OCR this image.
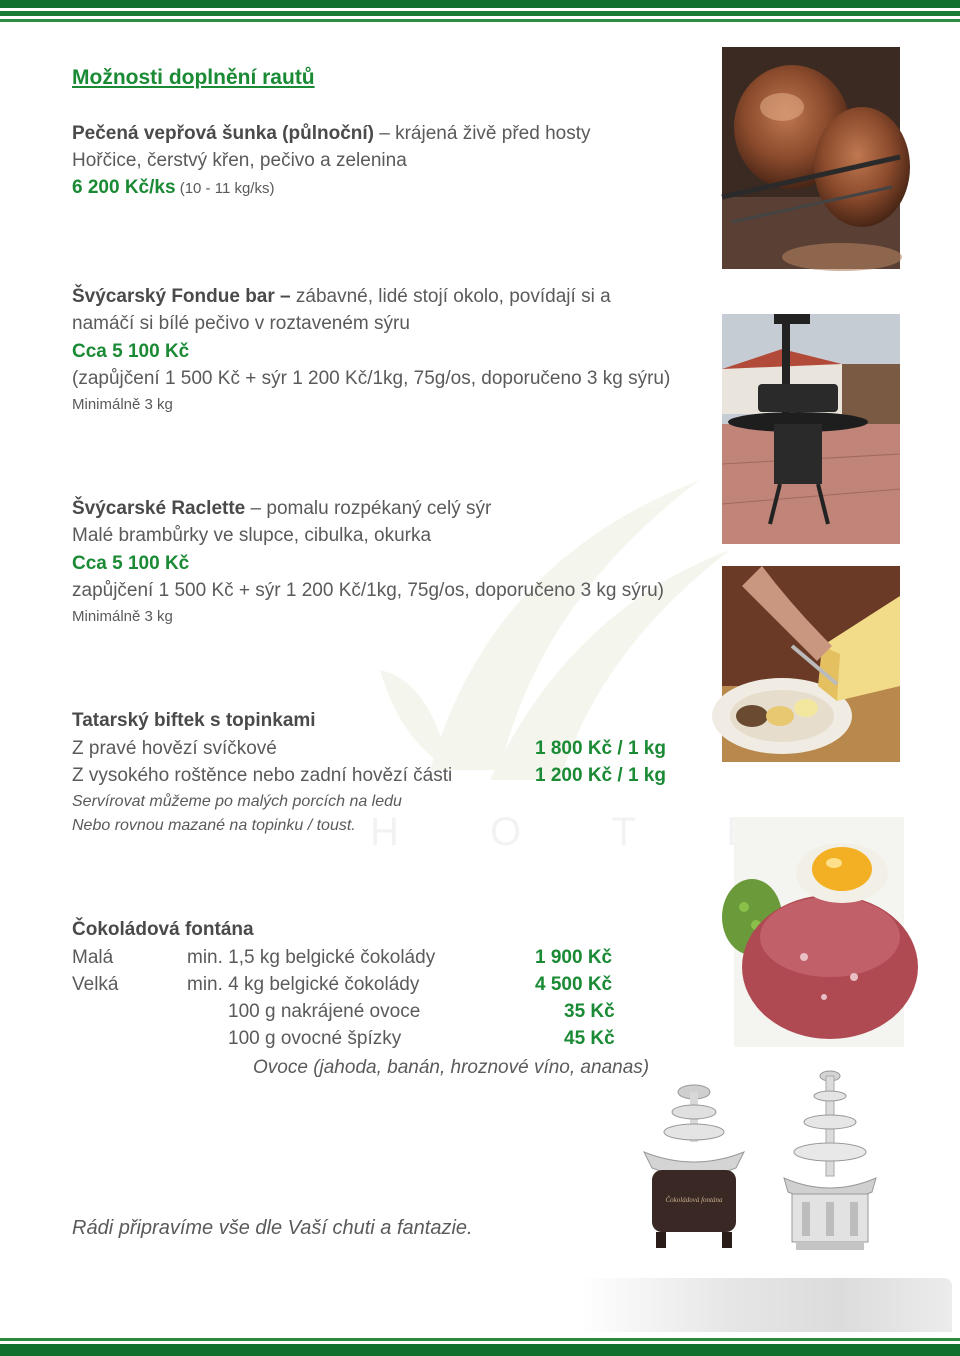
H O T E L
Možnosti doplnění rautů
Pečená vepřová šunka (půlnoční) – krájená živě před hosty
Hořčice, čerstvý křen, pečivo a zelenina
6 200 Kč/ks (10 - 11 kg/ks)
Švýcarský Fondue bar – zábavné, lidé stojí okolo, povídají si a
namáčí si bílé pečivo v roztaveném sýru
Cca 5 100 Kč
(zapůjčení 1 500 Kč + sýr 1 200 Kč/1kg, 75g/os, doporučeno 3 kg sýru)
Minimálně 3 kg
Švýcarské Raclette – pomalu rozpékaný celý sýr
Malé brambůrky ve slupce, cibulka, okurka
Cca 5 100 Kč
zapůjčení 1 500 Kč + sýr 1 200 Kč/1kg, 75g/os, doporučeno 3 kg sýru)
Minimálně 3 kg
Tatarský biftek s topinkami
Z pravé hovězí svíčkové	1 800 Kč / 1 kg
Z vysokého roštěnce nebo zadní hovězí části	1 200 Kč / 1 kg
Servírovat můžeme po malých porcích na ledu
Nebo rovnou mazané na topinku / toust.
Čokoládová fontána
Malá	min. 1,5 kg belgické čokolády	1 900 Kč
Velká	min. 4 kg belgické čokolády	4 500 Kč
100 g nakrájené ovoce	35 Kč
100 g ovocné špízky	45 Kč
Ovoce (jahoda, banán, hroznové víno, ananas)
Rádi připravíme vše dle Vaší chuti a fantazie.
Čokoládová fontána
